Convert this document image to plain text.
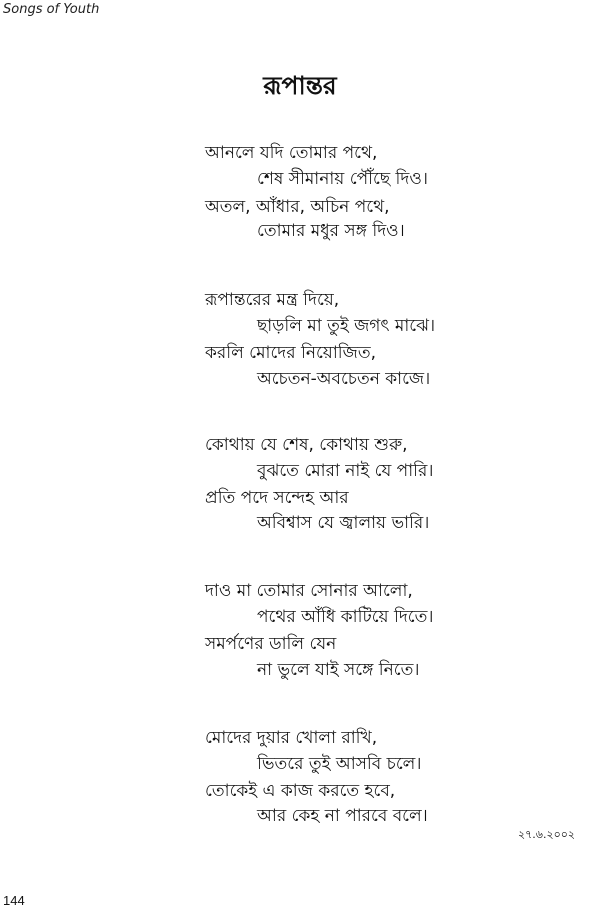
Songs of Youth
রূপান্তর
আনলে যদি তোমার পথে,
শেষ সীমানায় পৌঁছে দিও।
অতল, আঁধার, অচিন পথে,
তোমার মধুর সঙ্গ দিও।
রূপান্তরের মন্ত্র দিয়ে,
ছাড়লি মা তুই জগৎ মাঝে।
করলি মোদের নিয়োজিত,
অচেতন-অবচেতন কাজে।
কোথায় যে শেষ, কোথায় শুরু,
বুঝতে মোরা নাই যে পারি।
প্রতি পদে সন্দেহ আর
অবিশ্বাস যে জ্বালায় ভারি।
দাও মা তোমার সোনার আলো,
পথের আঁধি কাটিয়ে দিতে।
সমর্পণের ডালি যেন
না ভুলে যাই সঙ্গে নিতে।
মোদের দুয়ার খোলা রাখি,
ভিতরে তুই আসবি চলে।
তোকেই এ কাজ করতে হবে,
আর কেহ না পারবে বলে।
২৭.৬.২০০২
144
